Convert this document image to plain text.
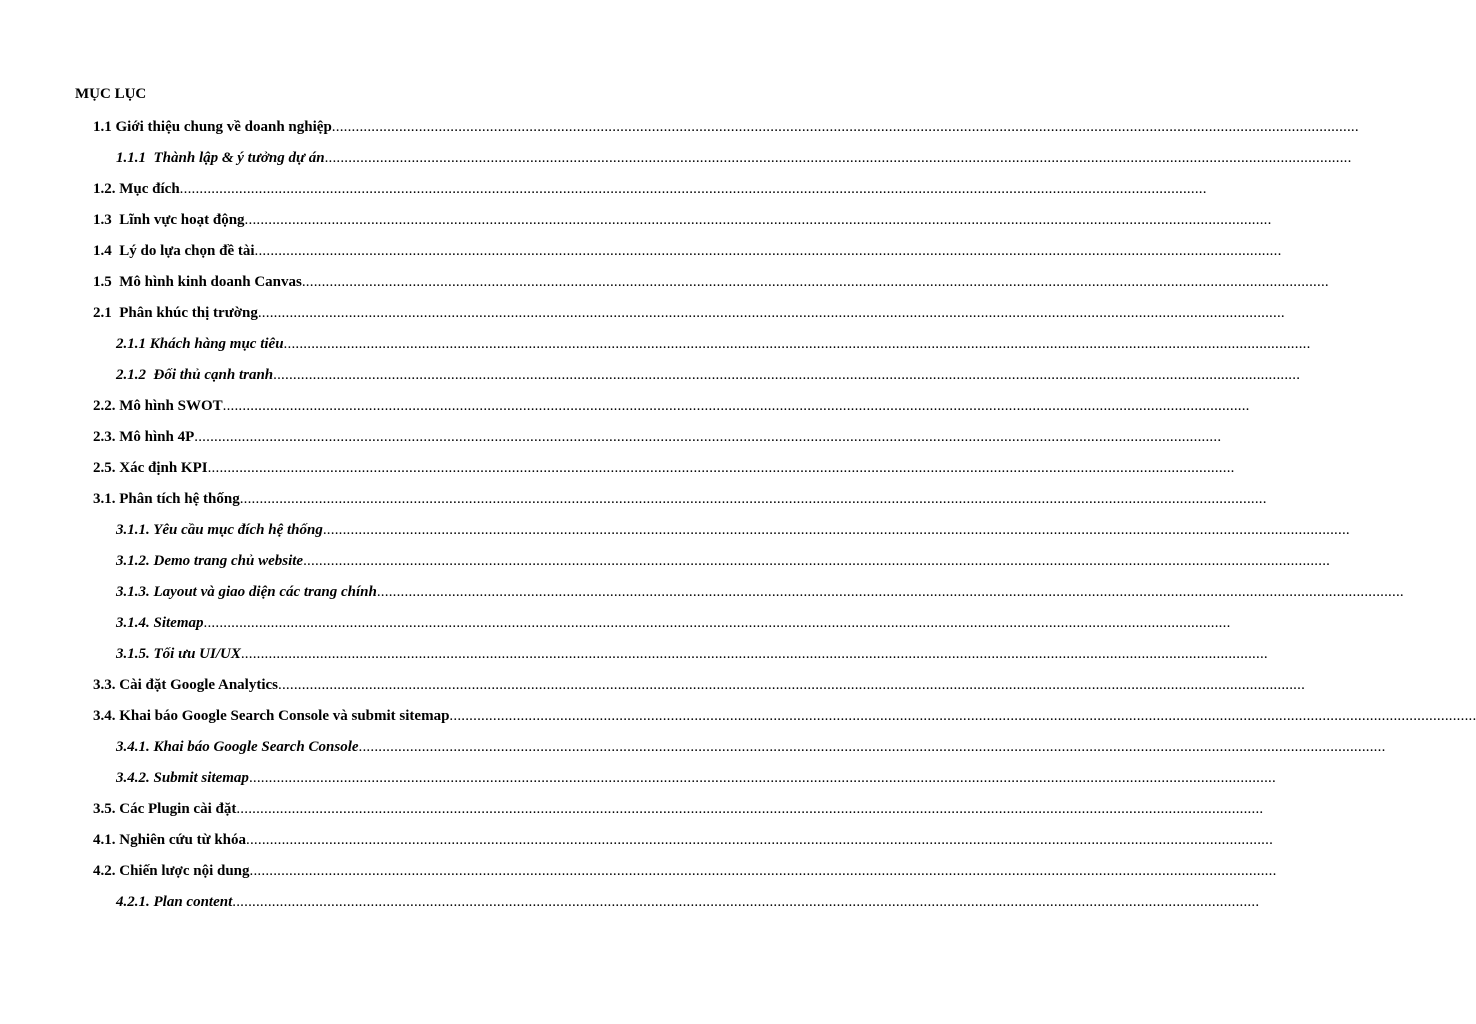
MỤC LỤC
1.1 Giới thiệu chung về doanh nghiệp....................................................................................................................................................................................................................................................................
1.1.1  Thành lập & ý tưởng dự án....................................................................................................................................................................................................................................................................
1.2. Mục đích....................................................................................................................................................................................................................................................................
1.3  Lĩnh vực hoạt động....................................................................................................................................................................................................................................................................
1.4  Lý do lựa chọn đề tài....................................................................................................................................................................................................................................................................
1.5  Mô hình kinh doanh Canvas....................................................................................................................................................................................................................................................................
2.1  Phân khúc thị trường....................................................................................................................................................................................................................................................................
2.1.1 Khách hàng mục tiêu....................................................................................................................................................................................................................................................................
2.1.2  Đối thủ cạnh tranh....................................................................................................................................................................................................................................................................
2.2. Mô hình SWOT....................................................................................................................................................................................................................................................................
2.3. Mô hình 4P....................................................................................................................................................................................................................................................................
2.5. Xác định KPI....................................................................................................................................................................................................................................................................
3.1. Phân tích hệ thống....................................................................................................................................................................................................................................................................
3.1.1. Yêu cầu mục đích hệ thống....................................................................................................................................................................................................................................................................
3.1.2. Demo trang chủ website....................................................................................................................................................................................................................................................................
3.1.3. Layout và giao diện các trang chính....................................................................................................................................................................................................................................................................
3.1.4. Sitemap....................................................................................................................................................................................................................................................................
3.1.5. Tối ưu UI/UX....................................................................................................................................................................................................................................................................
3.3. Cài đặt Google Analytics....................................................................................................................................................................................................................................................................
3.4. Khai báo Google Search Console và submit sitemap....................................................................................................................................................................................................................................................................
3.4.1. Khai báo Google Search Console....................................................................................................................................................................................................................................................................
3.4.2. Submit sitemap....................................................................................................................................................................................................................................................................
3.5. Các Plugin cài đặt....................................................................................................................................................................................................................................................................
4.1. Nghiên cứu từ khóa....................................................................................................................................................................................................................................................................
4.2. Chiến lược nội dung....................................................................................................................................................................................................................................................................
4.2.1. Plan content....................................................................................................................................................................................................................................................................
